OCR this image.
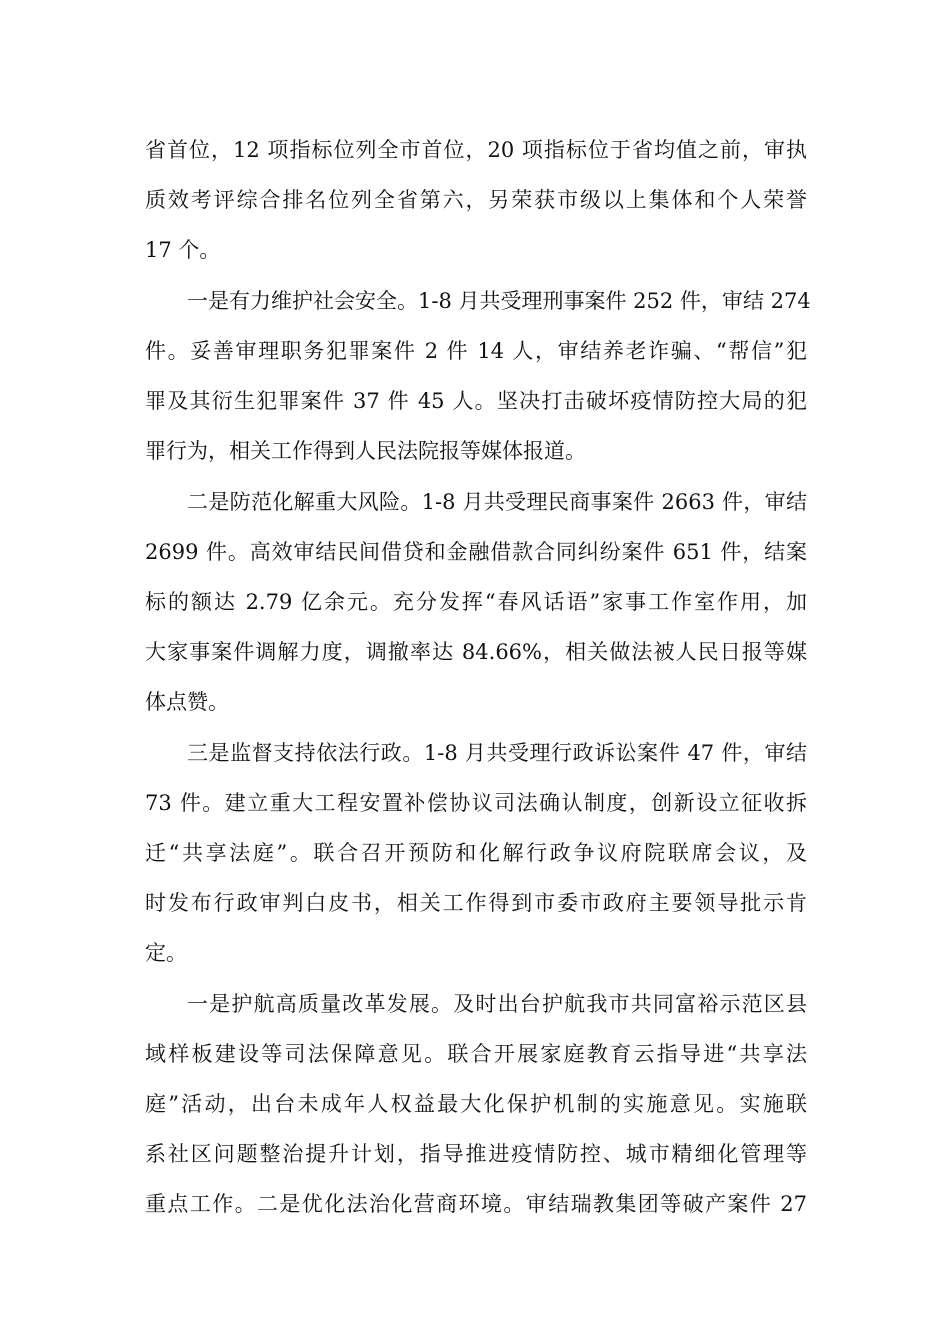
省首位，12 项指标位列全市首位，20 项指标位于省均值之前，审执
质效考评综合排名位列全省第六，另荣获市级以上集体和个人荣誉
17 个。
一是有力维护社会安全。1-8 月共受理刑事案件 252 件，审结 274
件。妥善审理职务犯罪案件 2 件 14 人，审结养老诈骗、“帮信”犯
罪及其衍生犯罪案件 37 件 45 人。坚决打击破坏疫情防控大局的犯
罪行为，相关工作得到人民法院报等媒体报道。
二是防范化解重大风险。1-8 月共受理民商事案件 2663 件，审结
2699 件。高效审结民间借贷和金融借款合同纠纷案件 651 件，结案
标的额达 2.79 亿余元。充分发挥“春风话语”家事工作室作用，加
大家事案件调解力度，调撤率达 84.66%，相关做法被人民日报等媒
体点赞。
三是监督支持依法行政。1-8 月共受理行政诉讼案件 47 件，审结
73 件。建立重大工程安置补偿协议司法确认制度，创新设立征收拆
迁“共享法庭”。联合召开预防和化解行政争议府院联席会议，及
时发布行政审判白皮书，相关工作得到市委市政府主要领导批示肯
定。
一是护航高质量改革发展。及时出台护航我市共同富裕示范区县
域样板建设等司法保障意见。联合开展家庭教育云指导进“共享法
庭”活动，出台未成年人权益最大化保护机制的实施意见。实施联
系社区问题整治提升计划，指导推进疫情防控、城市精细化管理等
重点工作。二是优化法治化营商环境。审结瑞教集团等破产案件 27
